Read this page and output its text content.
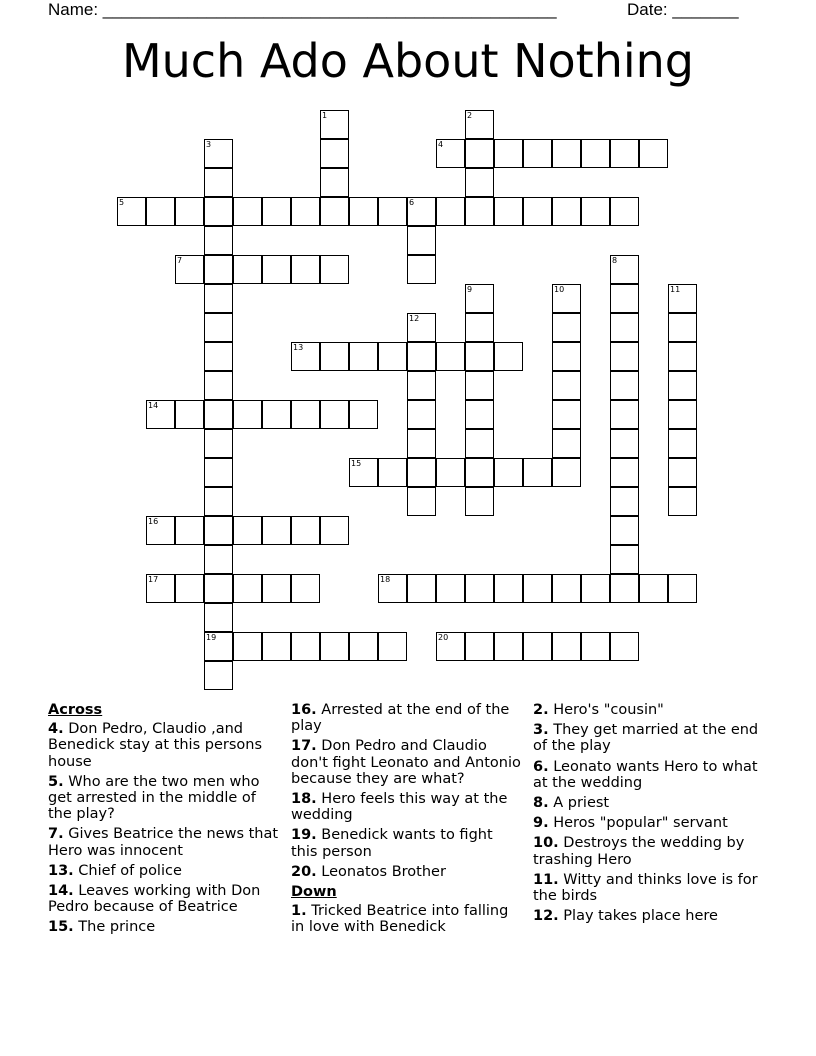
Name: ________________________________________________	Date: _______
Much Ado About Nothing
1	2
3
19
4
5	6
7	8
9	10	11
12
13
14
15
16
17	18
20
Across
4. Don Pedro, Claudio ,and Benedick stay at this persons house
5. Who are the two men who get arrested in the middle of the play?
7. Gives Beatrice the news that Hero was innocent
13. Chief of police
14. Leaves working with Don Pedro because of Beatrice
15. The prince
16. Arrested at the end of the play
17. Don Pedro and Claudio don't fight Leonato and Antonio because they are what?
18. Hero feels this way at the wedding
19. Benedick wants to fight this person
20. Leonatos Brother
Down
1. Tricked Beatrice into falling in love with Benedick
2. Hero's "cousin"
3. They get married at the end of the play
6. Leonato wants Hero to what at the wedding
8. A priest
9. Heros "popular" servant
10. Destroys the wedding by trashing Hero
11. Witty and thinks love is for the birds
12. Play takes place here
